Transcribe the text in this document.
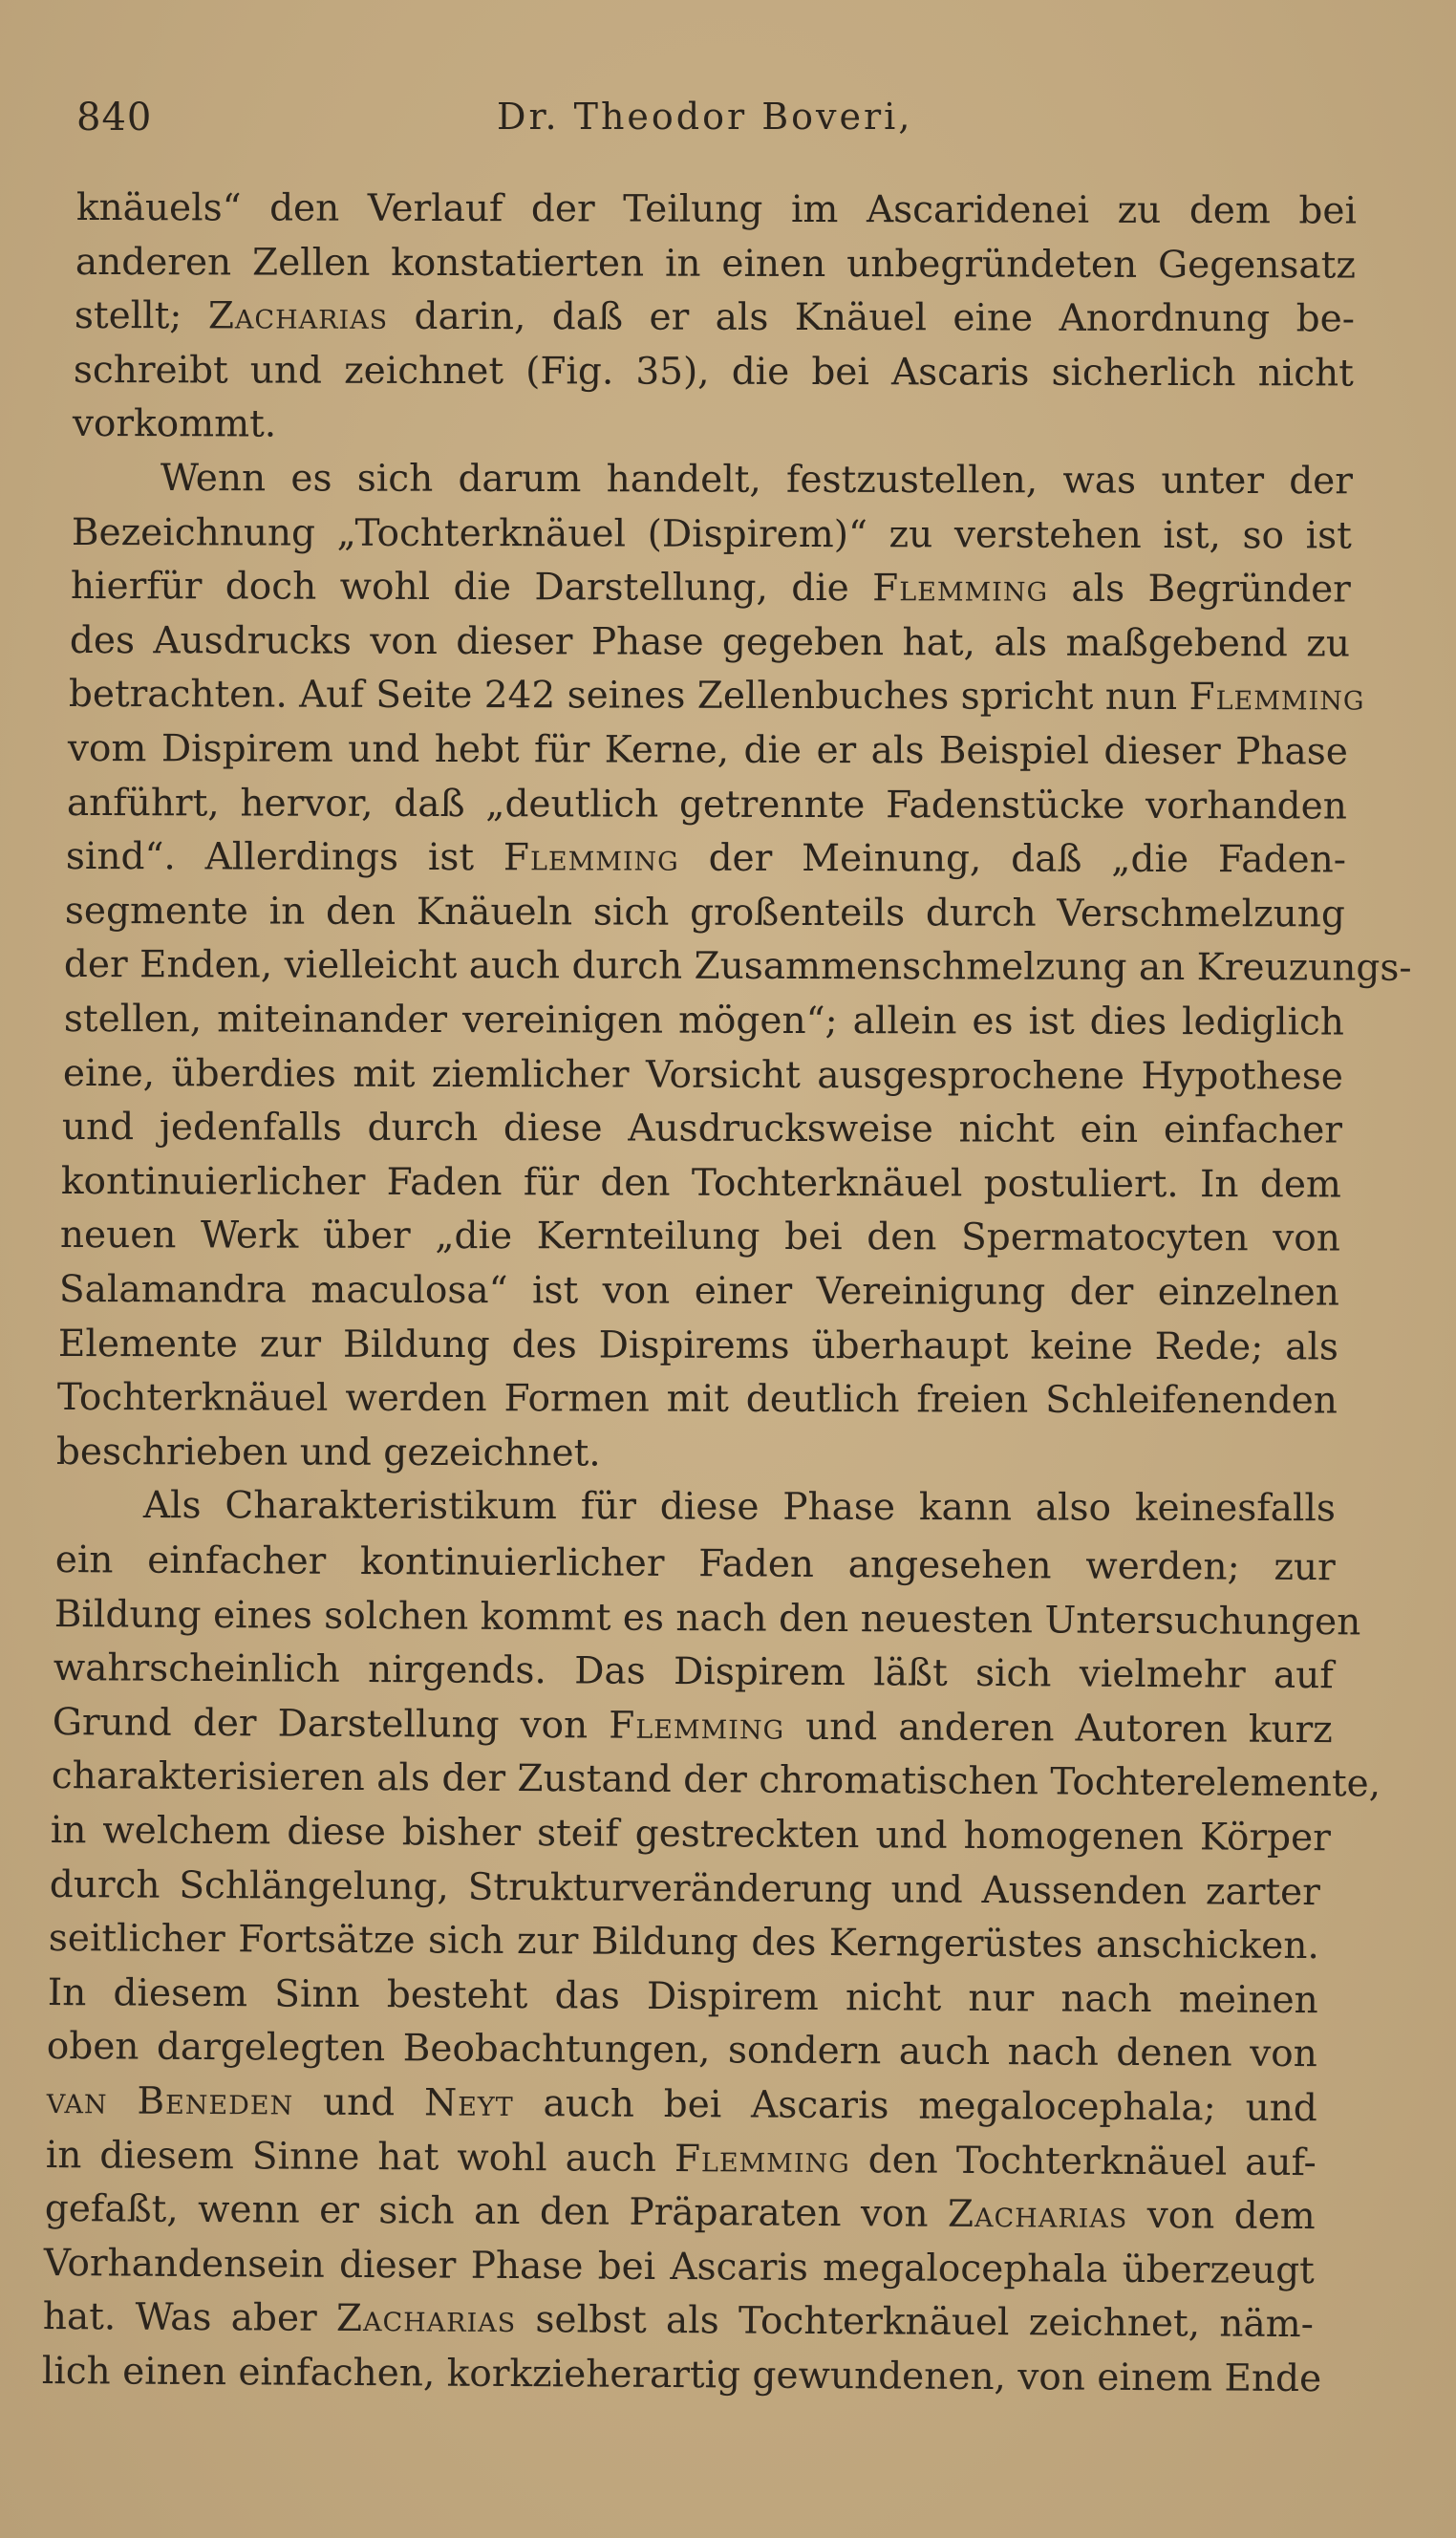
840	Dr. Theodor Boveri,
knäuels“ den Verlauf der Teilung im Ascaridenei zu dem bei
anderen Zellen konstatierten in einen unbegründeten Gegensatz
stellt; Zacharias darin, daß er als Knäuel eine Anordnung be-
schreibt und zeichnet (Fig. 35), die bei Ascaris sicherlich nicht
vorkommt.
Wenn es sich darum handelt, festzustellen, was unter der
Bezeichnung „Tochterknäuel (Dispirem)“ zu verstehen ist, so ist
hierfür doch wohl die Darstellung, die Flemming als Begründer
des Ausdrucks von dieser Phase gegeben hat, als maßgebend zu
betrachten. Auf Seite 242 seines Zellenbuches spricht nun Flemming
vom Dispirem und hebt für Kerne, die er als Beispiel dieser Phase
anführt, hervor, daß „deutlich getrennte Fadenstücke vorhanden
sind“. Allerdings ist Flemming der Meinung, daß „die Faden-
segmente in den Knäueln sich großenteils durch Verschmelzung
der Enden, vielleicht auch durch Zusammenschmelzung an Kreuzungs-
stellen, miteinander vereinigen mögen“; allein es ist dies lediglich
eine, überdies mit ziemlicher Vorsicht ausgesprochene Hypothese
und jedenfalls durch diese Ausdrucksweise nicht ein einfacher
kontinuierlicher Faden für den Tochterknäuel postuliert. In dem
neuen Werk über „die Kernteilung bei den Spermatocyten von
Salamandra maculosa“ ist von einer Vereinigung der einzelnen
Elemente zur Bildung des Dispirems überhaupt keine Rede; als
Tochterknäuel werden Formen mit deutlich freien Schleifenenden
beschrieben und gezeichnet.
Als Charakteristikum für diese Phase kann also keinesfalls
ein einfacher kontinuierlicher Faden angesehen werden; zur
Bildung eines solchen kommt es nach den neuesten Untersuchungen
wahrscheinlich nirgends. Das Dispirem läßt sich vielmehr auf
Grund der Darstellung von Flemming und anderen Autoren kurz
charakterisieren als der Zustand der chromatischen Tochterelemente,
in welchem diese bisher steif gestreckten und homogenen Körper
durch Schlängelung, Strukturveränderung und Aussenden zarter
seitlicher Fortsätze sich zur Bildung des Kerngerüstes anschicken.
In diesem Sinn besteht das Dispirem nicht nur nach meinen
oben dargelegten Beobachtungen, sondern auch nach denen von
van Beneden und Neyt auch bei Ascaris megalocephala; und
in diesem Sinne hat wohl auch Flemming den Tochterknäuel auf-
gefaßt, wenn er sich an den Präparaten von Zacharias von dem
Vorhandensein dieser Phase bei Ascaris megalocephala überzeugt
hat. Was aber Zacharias selbst als Tochterknäuel zeichnet, näm-
lich einen einfachen, korkzieherartig gewundenen, von einem Ende
